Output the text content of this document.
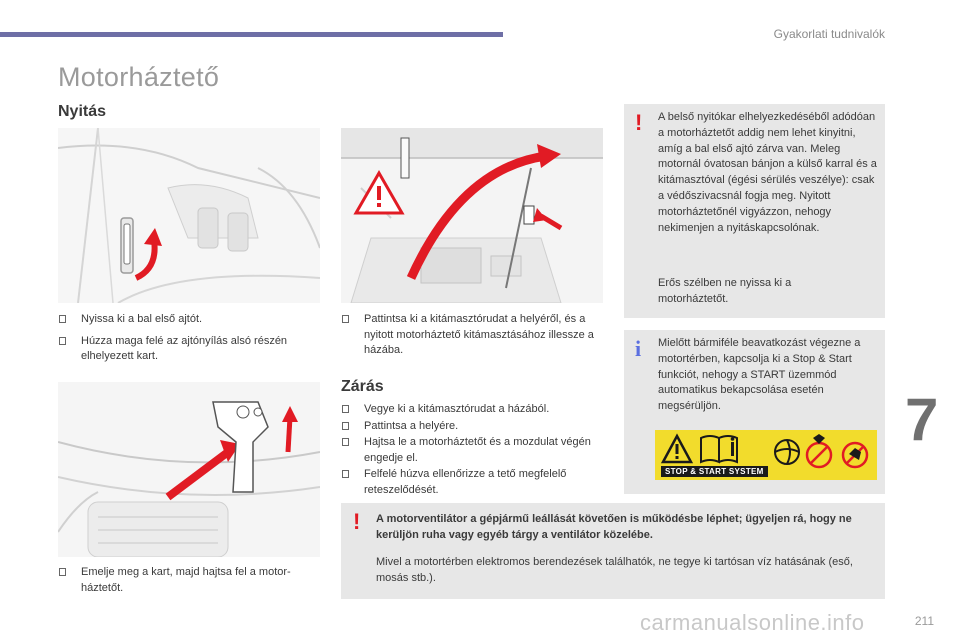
Gyakorlati tudnivalók
Motorháztető
Nyitás
Nyissa ki a bal első ajtót.
Húzza maga felé az ajtónyílás alsó részén elhelyezett kart.
Pattintsa ki a kitámasztórudat a helyéről, és a nyitott motorháztető kitámasztásához illessze a házába.
Emelje meg a kart, majd hajtsa fel a motor-háztetőt.
Zárás
Vegye ki a kitámasztórudat a házából.
Pattintsa a helyére.
Hajtsa le a motorháztetőt és a mozdulat végén engedje el.
Felfelé húzva ellenőrizze a tető megfelelő reteszelődését.
! A belső nyitókar elhelyezkedéséből adódóan a motorháztetőt addig nem lehet kinyitni, amíg a bal első ajtó zárva van. Meleg motornál óvatosan bánjon a külső karral és a kitámasztóval (égési sérülés veszélye): csak a védőszivacsnál fogja meg. Nyitott motorháztetőnél vigyázzon, nehogy nekimenjen a nyitáskapcsolónak.
Erős szélben ne nyissa ki a motorháztetőt.
i Mielőtt bármiféle beavatkozást végezne a motortérben, kapcsolja ki a Stop & Start funkciót, nehogy a START üzemmód automatikus bekapcsolása esetén megsérüljön.
STOP & START SYSTEM
! A motorventilátor a gépjármű leállását követően is működésbe léphet; ügyeljen rá, hogy ne kerüljön ruha vagy egyéb tárgy a ventilátor közelébe.
Mivel a motortérben elektromos berendezések találhatók, ne tegye ki tartósan víz hatásának (eső, mosás stb.).
7
carmanualsonline.info	211
